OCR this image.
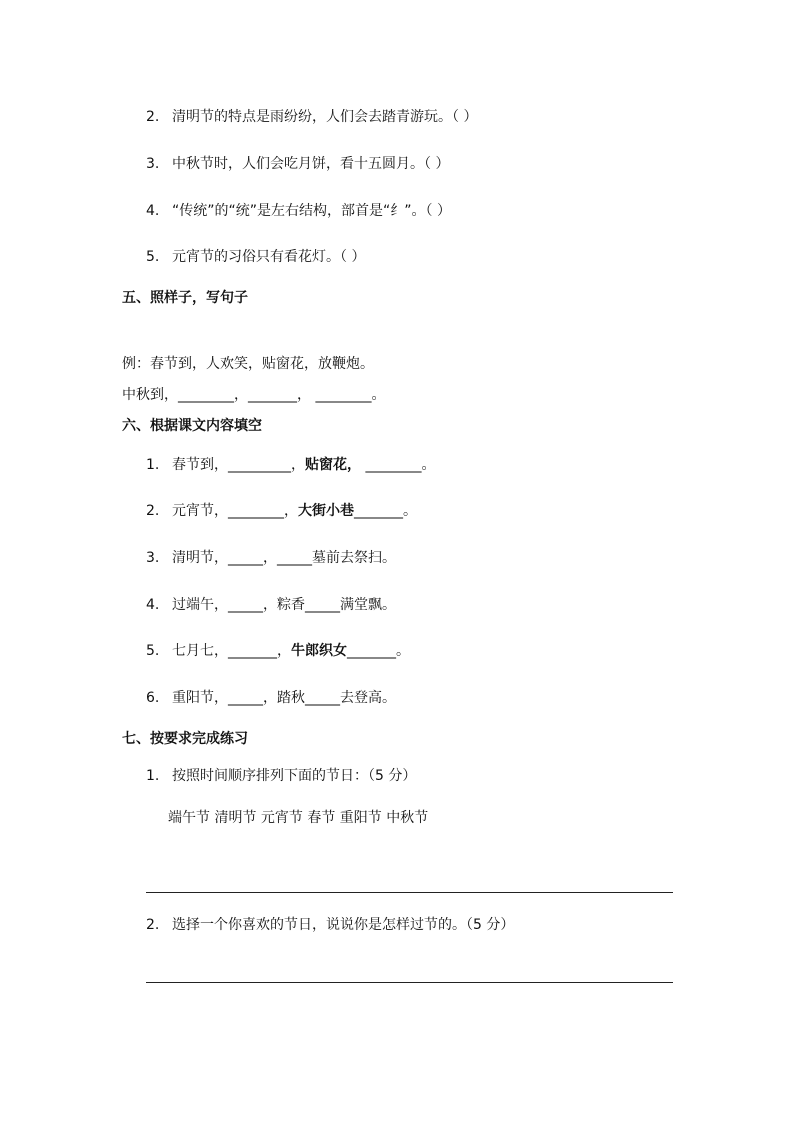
2. 清明节的特点是雨纷纷，人们会去踏青游玩。（ ）
3. 中秋节时，人们会吃月饼，看十五圆月。（ ）
4. “传统”的“统”是左右结构，部首是“纟”。（ ）
5. 元宵节的习俗只有看花灯。（ ）
五、照样子，写句子
例：春节到，人欢笑，贴窗花，放鞭炮。
中秋到，________，_______， ________。
六、根据课文内容填空
1. 春节到，_________，贴窗花， ________。
2. 元宵节，________，大街小巷_______。
3. 清明节，_____，_____墓前去祭扫。
4. 过端午，_____，粽香_____满堂飘。
5. 七月七，_______，牛郎织女_______。
6. 重阳节，_____，踏秋_____去登高。
七、按要求完成练习
1. 按照时间顺序排列下面的节日：（5 分）
端午节 清明节 元宵节 春节 重阳节 中秋节
2. 选择一个你喜欢的节日，说说你是怎样过节的。（5 分）
